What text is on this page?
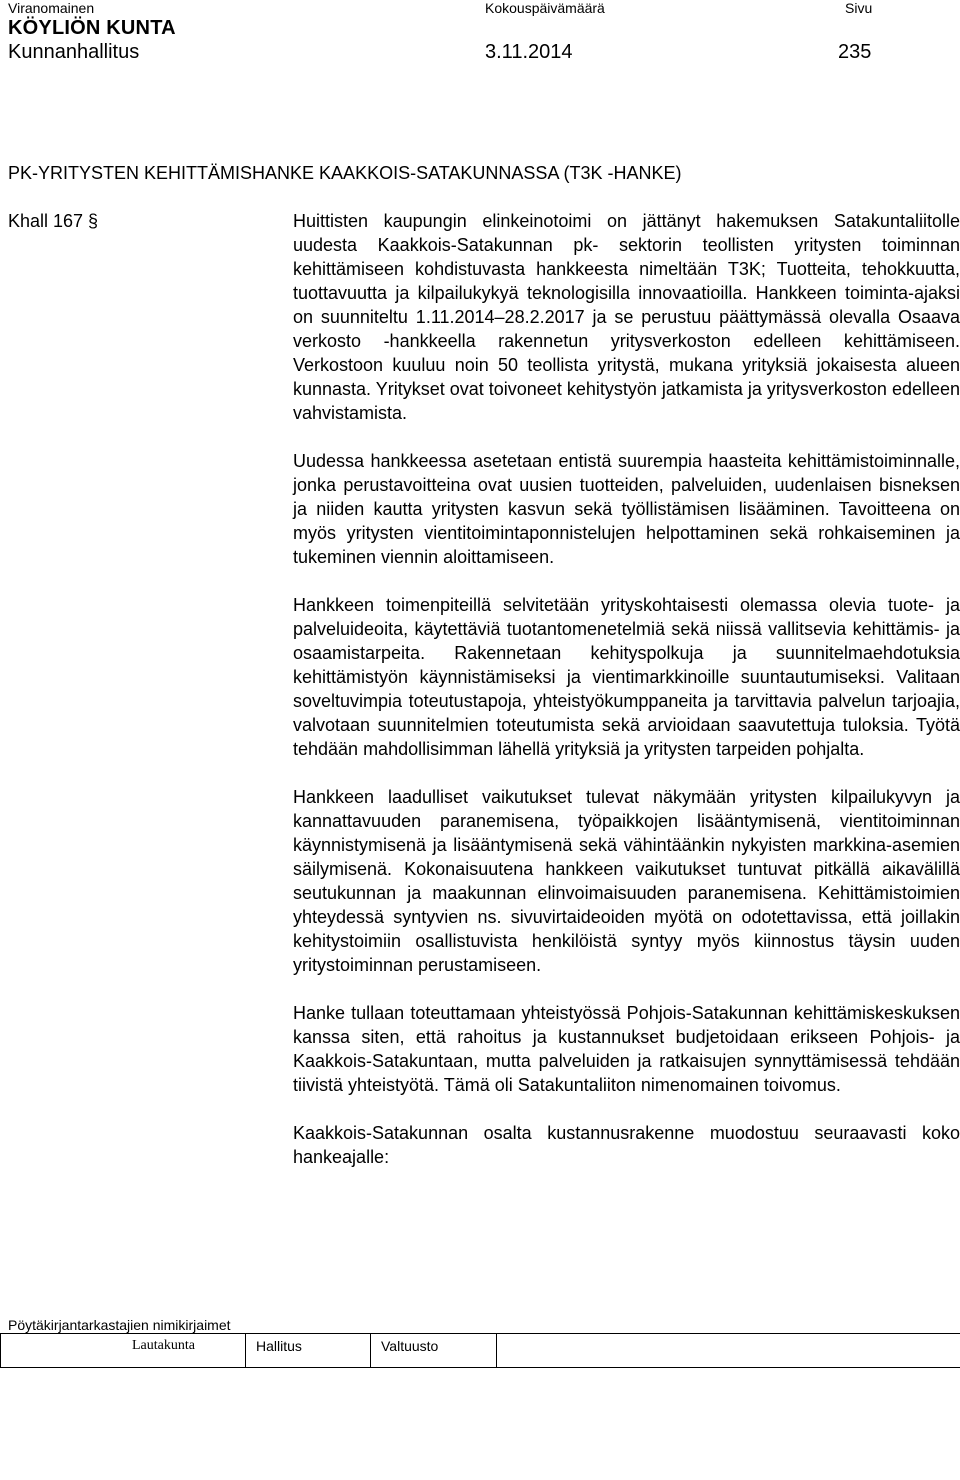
Viranomainen	Kokouspäivämäärä	Sivu
KÖYLIÖN KUNTA
Kunnanhallitus	3.11.2014	235
PK-YRITYSTEN KEHITTÄMISHANKE KAAKKOIS-SATAKUNNASSA (T3K -HANKE)
Khall 167 §	Huittisten kaupungin elinkeinotoimi on jättänyt hakemuksen Satakuntaliitolle uudesta Kaakkois-Satakunnan pk- sektorin teollisten yritysten toiminnan kehittämiseen kohdistuvasta hankkeesta nimeltään T3K; Tuotteita, tehokkuutta, tuottavuutta ja kilpailukykyä teknologisilla innovaatioilla. Hankkeen toiminta-ajaksi on suunniteltu 1.11.2014–28.2.2017 ja se perustuu päättymässä olevalla Osaava verkosto -hankkeella rakennetun yritysverkoston edelleen kehittämiseen. Verkostoon kuuluu noin 50 teollista yritystä, mukana yrityksiä jokaisesta alueen kunnasta. Yritykset ovat toivoneet kehitystyön jatkamista ja yritysverkoston edelleen vahvistamista.

Uudessa hankkeessa asetetaan entistä suurempia haasteita kehittämistoiminnalle, jonka perustavoitteina ovat uusien tuotteiden, palveluiden, uudenlaisen bisneksen ja niiden kautta yritysten kasvun sekä työllistämisen lisääminen. Tavoitteena on myös yritysten vientitoimintaponnistelujen helpottaminen sekä rohkaiseminen ja tukeminen viennin aloittamiseen.

Hankkeen toimenpiteillä selvitetään yrityskohtaisesti olemassa olevia tuote- ja palveluideoita, käytettäviä tuotantomenetelmiä sekä niissä vallitsevia kehittämis- ja osaamistarpeita. Rakennetaan kehityspolkuja ja suunnitelmaehdotuksia kehittämistyön käynnistämiseksi ja vientimarkkinoille suuntautumiseksi. Valitaan soveltuvimpia toteutustapoja, yhteistyökumppaneita ja tarvittavia palvelun tarjoajia, valvotaan suunnitelmien toteutumista sekä arvioidaan saavutettuja tuloksia. Työtä tehdään mahdollisimman lähellä yrityksiä ja yritysten tarpeiden pohjalta.

Hankkeen laadulliset vaikutukset tulevat näkymään yritysten kilpailukyvyn ja kannattavuuden paranemisena, työpaikkojen lisääntymisenä, vientitoiminnan käynnistymisenä ja lisääntymisenä sekä vähintäänkin nykyisten markkina-asemien säilymisenä. Kokonaisuutena hankkeen vaikutukset tuntuvat pitkällä aikavälillä seutukunnan ja maakunnan elinvoimaisuuden paranemisena. Kehittämistoimien yhteydessä syntyvien ns. sivuvirtaideoiden myötä on odotettavissa, että joillakin kehitystoimiin osallistuvista henkilöistä syntyy myös kiinnostus täysin uuden yritystoiminnan perustamiseen.

Hanke tullaan toteuttamaan yhteistyössä Pohjois-Satakunnan kehittämiskeskuksen kanssa siten, että rahoitus ja kustannukset budjetoidaan erikseen Pohjois- ja Kaakkois-Satakuntaan, mutta palveluiden ja ratkaisujen synnyttämisessä tehdään tiivistä yhteistyötä. Tämä oli Satakuntaliiton nimenomainen toivomus.

Kaakkois-Satakunnan osalta kustannusrakenne muodostuu seuraavasti koko hankeajalle:

Pöytäkirjantarkastajien nimikirjaimet
Lautakunta	Hallitus	Valtuusto
